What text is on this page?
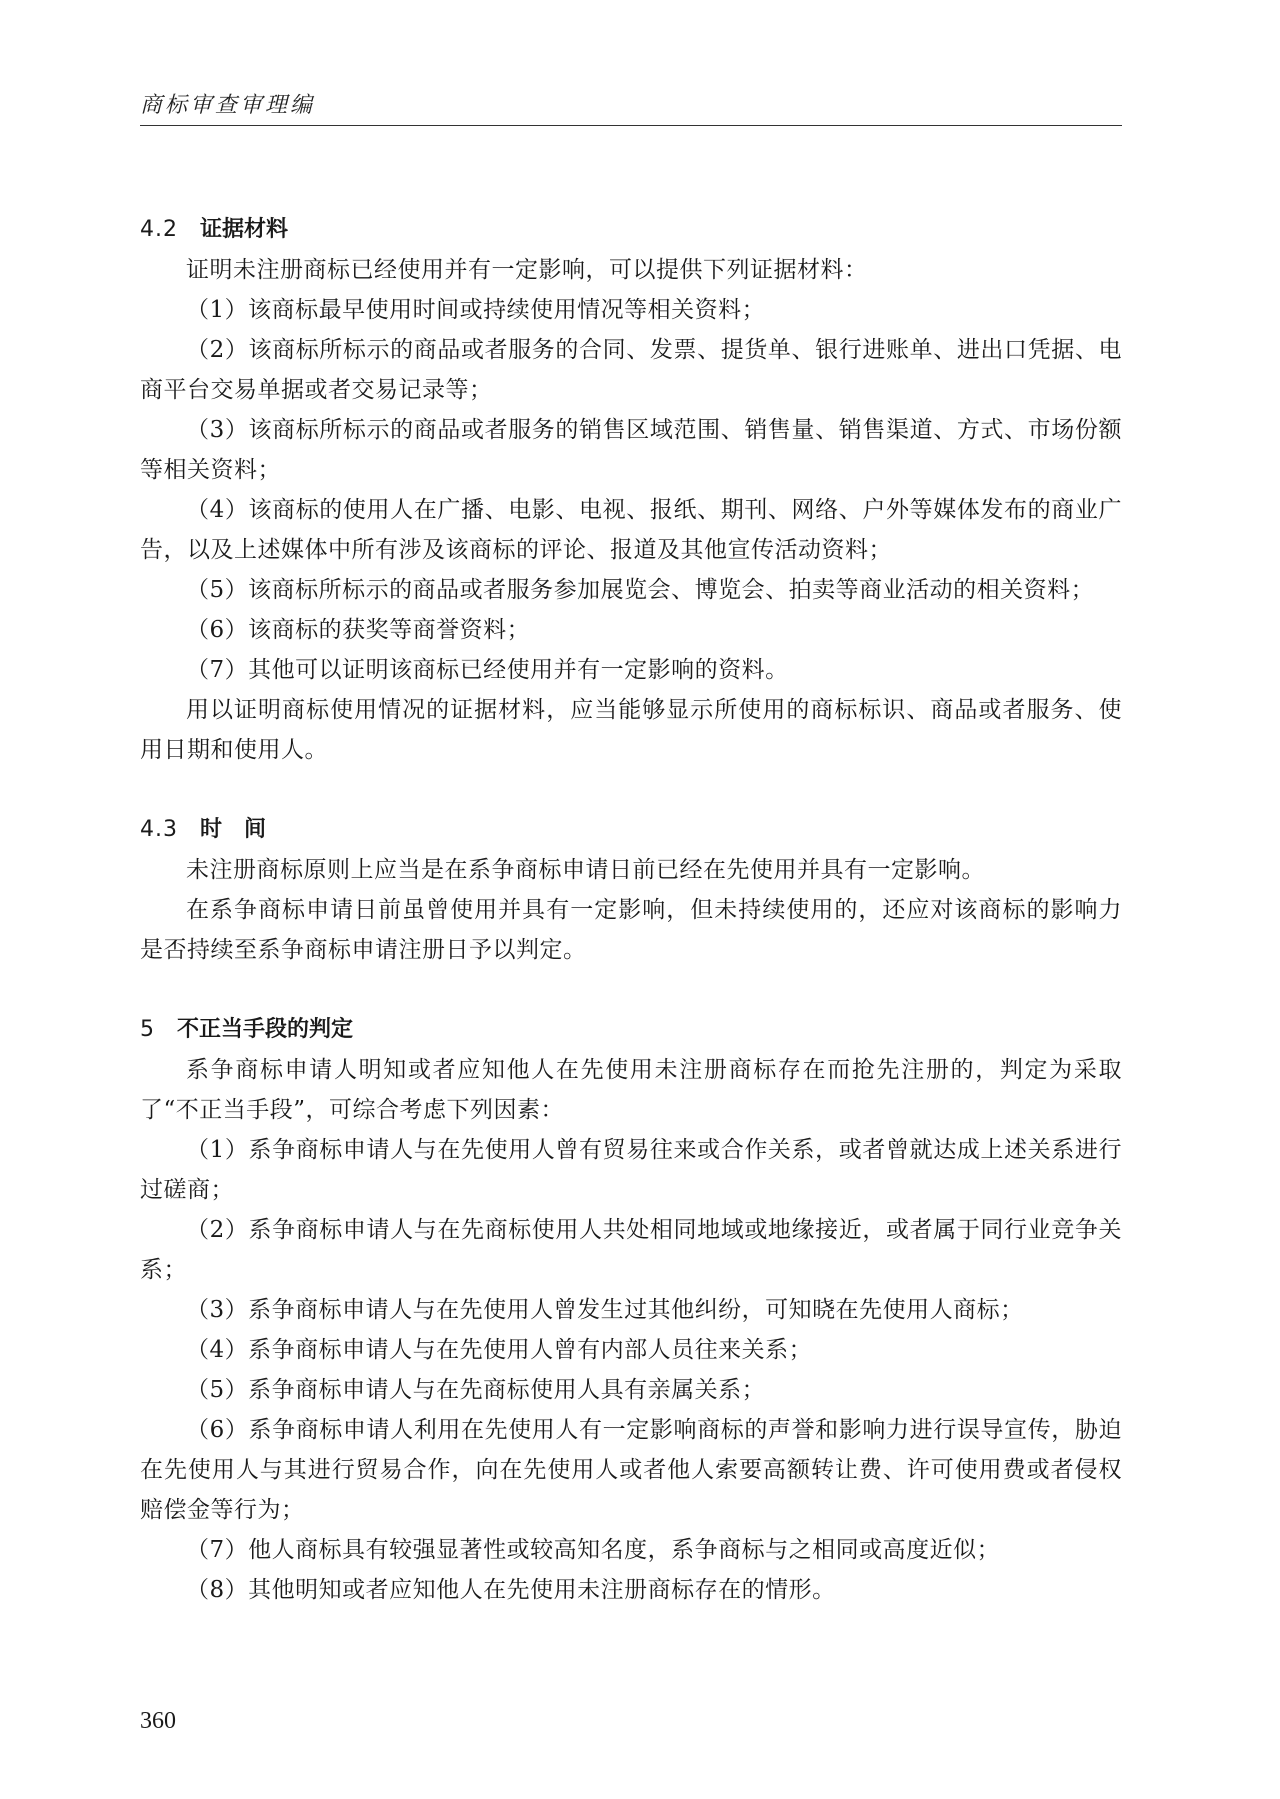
商标审查审理编
4.2 证据材料

证明未注册商标已经使用并有一定影响，可以提供下列证据材料：

（1）该商标最早使用时间或持续使用情况等相关资料；

（2）该商标所标示的商品或者服务的合同、发票、提货单、银行进账单、进出口凭据、电商平台交易单据或者交易记录等；

（3）该商标所标示的商品或者服务的销售区域范围、销售量、销售渠道、方式、市场份额等相关资料；

（4）该商标的使用人在广播、电影、电视、报纸、期刊、网络、户外等媒体发布的商业广告，以及上述媒体中所有涉及该商标的评论、报道及其他宣传活动资料；

（5）该商标所标示的商品或者服务参加展览会、博览会、拍卖等商业活动的相关资料；

（6）该商标的获奖等商誉资料；

（7）其他可以证明该商标已经使用并有一定影响的资料。

用以证明商标使用情况的证据材料，应当能够显示所使用的商标标识、商品或者服务、使用日期和使用人。

4.3 时　间

未注册商标原则上应当是在系争商标申请日前已经在先使用并具有一定影响。

在系争商标申请日前虽曾使用并具有一定影响，但未持续使用的，还应对该商标的影响力是否持续至系争商标申请注册日予以判定。

5 不正当手段的判定

系争商标申请人明知或者应知他人在先使用未注册商标存在而抢先注册的，判定为采取了“不正当手段”，可综合考虑下列因素：

（1）系争商标申请人与在先使用人曾有贸易往来或合作关系，或者曾就达成上述关系进行过磋商；

（2）系争商标申请人与在先商标使用人共处相同地域或地缘接近，或者属于同行业竞争关系；

（3）系争商标申请人与在先使用人曾发生过其他纠纷，可知晓在先使用人商标；

（4）系争商标申请人与在先使用人曾有内部人员往来关系；

（5）系争商标申请人与在先商标使用人具有亲属关系；

（6）系争商标申请人利用在先使用人有一定影响商标的声誉和影响力进行误导宣传，胁迫在先使用人与其进行贸易合作，向在先使用人或者他人索要高额转让费、许可使用费或者侵权赔偿金等行为；

（7）他人商标具有较强显著性或较高知名度，系争商标与之相同或高度近似；

（8）其他明知或者应知他人在先使用未注册商标存在的情形。

360
